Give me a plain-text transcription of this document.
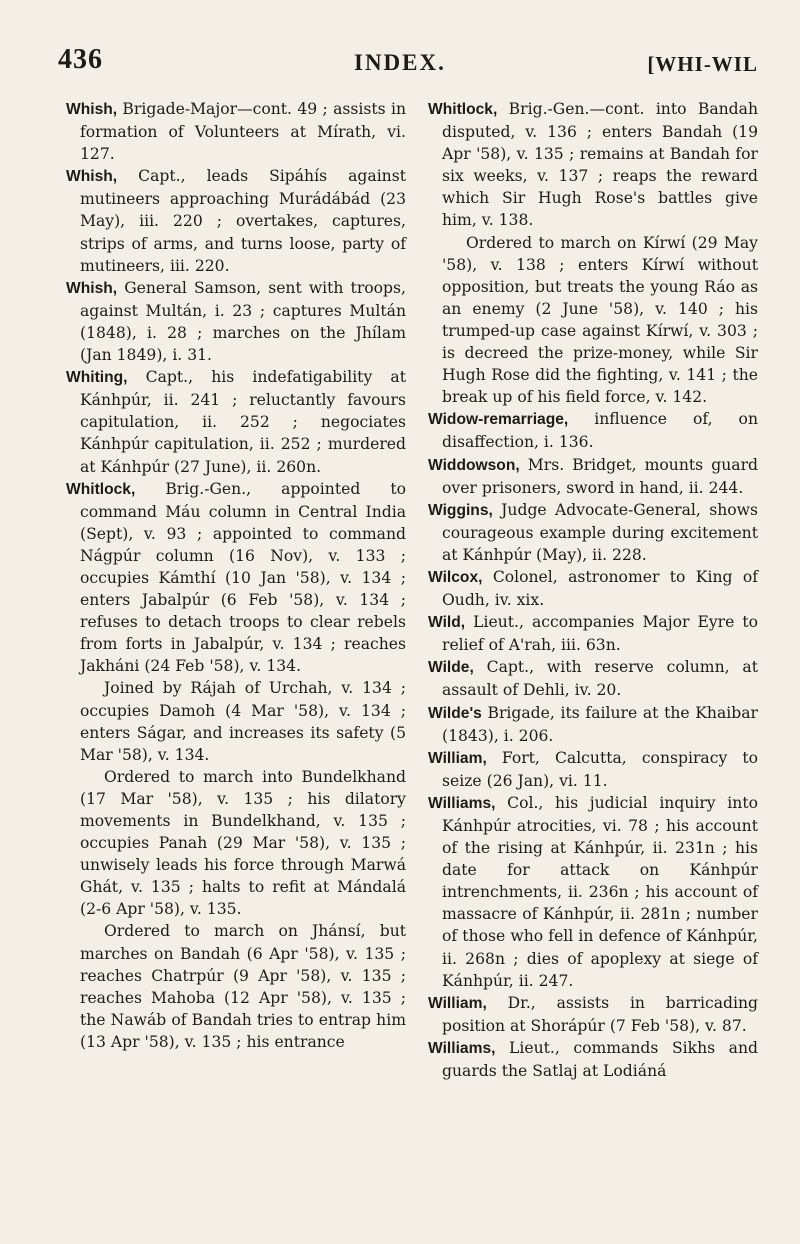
436	INDEX.	[WHI-WIL

Whish, Brigade-Major—cont. 49 ; assists in formation of Volunteers at Mírath, vi. 127.

Whish, Capt., leads Sipáhís against mutineers approaching Murádábád (23 May), iii. 220 ; overtakes, captures, strips of arms, and turns loose, party of mutineers, iii. 220.

Whish, General Samson, sent with troops, against Multán, i. 23 ; captures Multán (1848), i. 28 ; marches on the Jhílam (Jan 1849), i. 31.

Whiting, Capt., his indefatigability at Kánhpúr, ii. 241 ; reluctantly favours capitulation, ii. 252 ; negociates Kánhpúr capitulation, ii. 252 ; murdered at Kánhpúr (27 June), ii. 260n.

Whitlock, Brig.-Gen., appointed to command Máu column in Central India (Sept), v. 93 ; appointed to command Nágpúr column (16 Nov), v. 133 ; occupies Kámthí (10 Jan '58), v. 134 ; enters Jabalpúr (6 Feb '58), v. 134 ; refuses to detach troops to clear rebels from forts in Jabalpúr, v. 134 ; reaches Jakháni (24 Feb '58), v. 134.

Joined by Rájah of Urchah, v. 134 ; occupies Damoh (4 Mar '58), v. 134 ; enters Ságar, and increases its safety (5 Mar '58), v. 134.

Ordered to march into Bundelkhand (17 Mar '58), v. 135 ; his dilatory movements in Bundelkhand, v. 135 ; occupies Panah (29 Mar '58), v. 135 ; unwisely leads his force through Marwá Ghát, v. 135 ; halts to refit at Mándalá (2-6 Apr '58), v. 135.

Ordered to march on Jhánsí, but marches on Bandah (6 Apr '58), v. 135 ; reaches Chatrpúr (9 Apr '58), v. 135 ; reaches Mahoba (12 Apr '58), v. 135 ; the Nawáb of Bandah tries to entrap him (13 Apr '58), v. 135 ; his entrance

Whitlock, Brig.-Gen.—cont. into Bandah disputed, v. 136 ; enters Bandah (19 Apr '58), v. 135 ; remains at Bandah for six weeks, v. 137 ; reaps the reward which Sir Hugh Rose's battles give him, v. 138.

Ordered to march on Kírwí (29 May '58), v. 138 ; enters Kírwí without opposition, but treats the young Ráo as an enemy (2 June '58), v. 140 ; his trumped-up case against Kírwí, v. 303 ; is decreed the prize-money, while Sir Hugh Rose did the fighting, v. 141 ; the break up of his field force, v. 142.

Widow-remarriage, influence of, on disaffection, i. 136.

Widdowson, Mrs. Bridget, mounts guard over prisoners, sword in hand, ii. 244.

Wiggins, Judge Advocate-General, shows courageous example during excitement at Kánhpúr (May), ii. 228.

Wilcox, Colonel, astronomer to King of Oudh, iv. xix.

Wild, Lieut., accompanies Major Eyre to relief of A'rah, iii. 63n.

Wilde, Capt., with reserve column, at assault of Dehli, iv. 20.

Wilde's Brigade, its failure at the Khaibar (1843), i. 206.

William, Fort, Calcutta, conspiracy to seize (26 Jan), vi. 11.

Williams, Col., his judicial inquiry into Kánhpúr atrocities, vi. 78 ; his account of the rising at Kánhpúr, ii. 231n ; his date for attack on Kánhpúr intrenchments, ii. 236n ; his account of massacre of Kánhpúr, ii. 281n ; number of those who fell in defence of Kánhpúr, ii. 268n ; dies of apoplexy at siege of Kánhpúr, ii. 247.

William, Dr., assists in barricading position at Shorápúr (7 Feb '58), v. 87.

Williams, Lieut., commands Sikhs and guards the Satlaj at Lodiáná
